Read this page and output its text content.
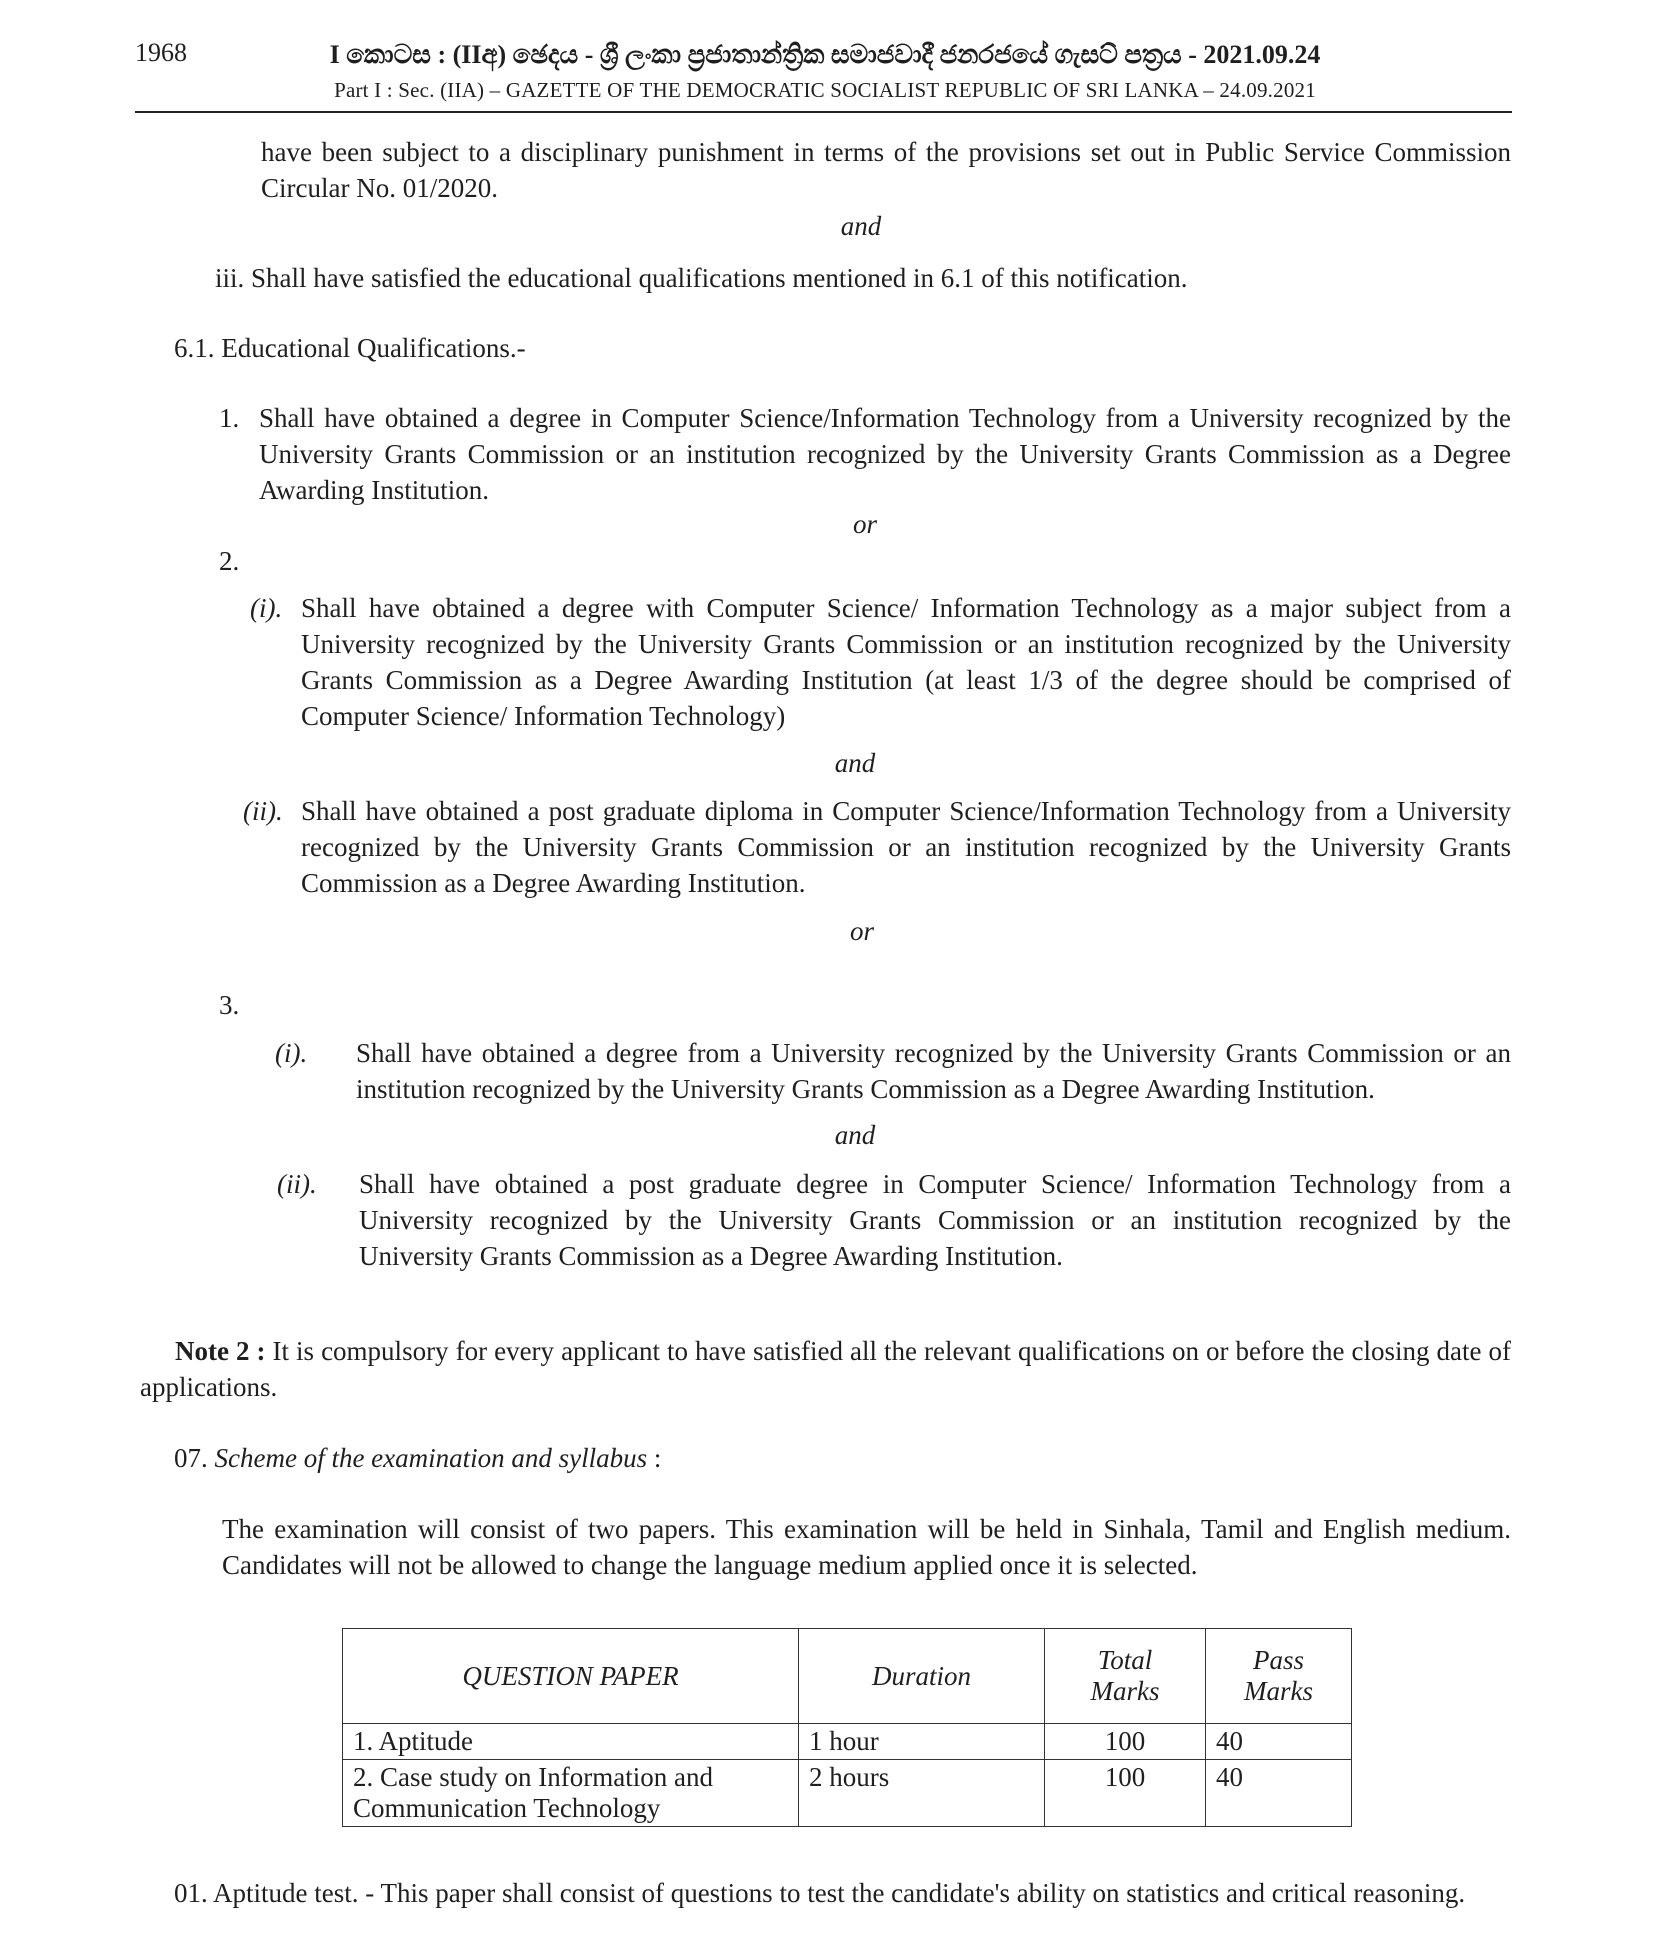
1968	I කොටස : (IIඅ) ඡෙදය - ශ්‍රී ලංකා ප්‍රජාතාන්ත්‍රික සමාජවාදී ජනරජයේ ගැසට් පත්‍රය - 2021.09.24
Part I : Sec. (IIA) – GAZETTE OF THE DEMOCRATIC SOCIALIST REPUBLIC OF SRI LANKA – 24.09.2021
have been subject to a disciplinary punishment in terms of the provisions set out in Public Service Commission Circular No. 01/2020.
and
iii. Shall have satisfied the educational qualifications mentioned in 6.1 of this notification.
6.1. Educational Qualifications.-
1. Shall have obtained a degree in Computer Science/Information Technology from a University recognized by the University Grants Commission or an institution recognized by the University Grants Commission as a Degree Awarding Institution.
or
2.
(i). Shall have obtained a degree with Computer Science/ Information Technology as a major subject from a University recognized by the University Grants Commission or an institution recognized by the University Grants Commission as a Degree Awarding Institution (at least 1/3 of the degree should be comprised of Computer Science/ Information Technology)
and
(ii). Shall have obtained a post graduate diploma in Computer Science/Information Technology from a University recognized by the University Grants Commission or an institution recognized by the University Grants Commission as a Degree Awarding Institution.
or
3.
(i). Shall have obtained a degree from a University recognized by the University Grants Commission or an institution recognized by the University Grants Commission as a Degree Awarding Institution.
and
(ii). Shall have obtained a post graduate degree in Computer Science/ Information Technology from a University recognized by the University Grants Commission or an institution recognized by the University Grants Commission as a Degree Awarding Institution.
Note 2 : It is compulsory for every applicant to have satisfied all the relevant qualifications on or before the closing date of applications.
07. Scheme of the examination and syllabus :
The examination will consist of two papers. This examination will be held in Sinhala, Tamil and English medium. Candidates will not be allowed to change the language medium applied once it is selected.
QUESTION PAPER	Duration	Total Marks	Pass Marks
1. Aptitude	1 hour	100	40
2. Case study on Information and Communication Technology	2 hours	100	40
01. Aptitude test. - This paper shall consist of questions to test the candidate's ability on statistics and critical reasoning.
